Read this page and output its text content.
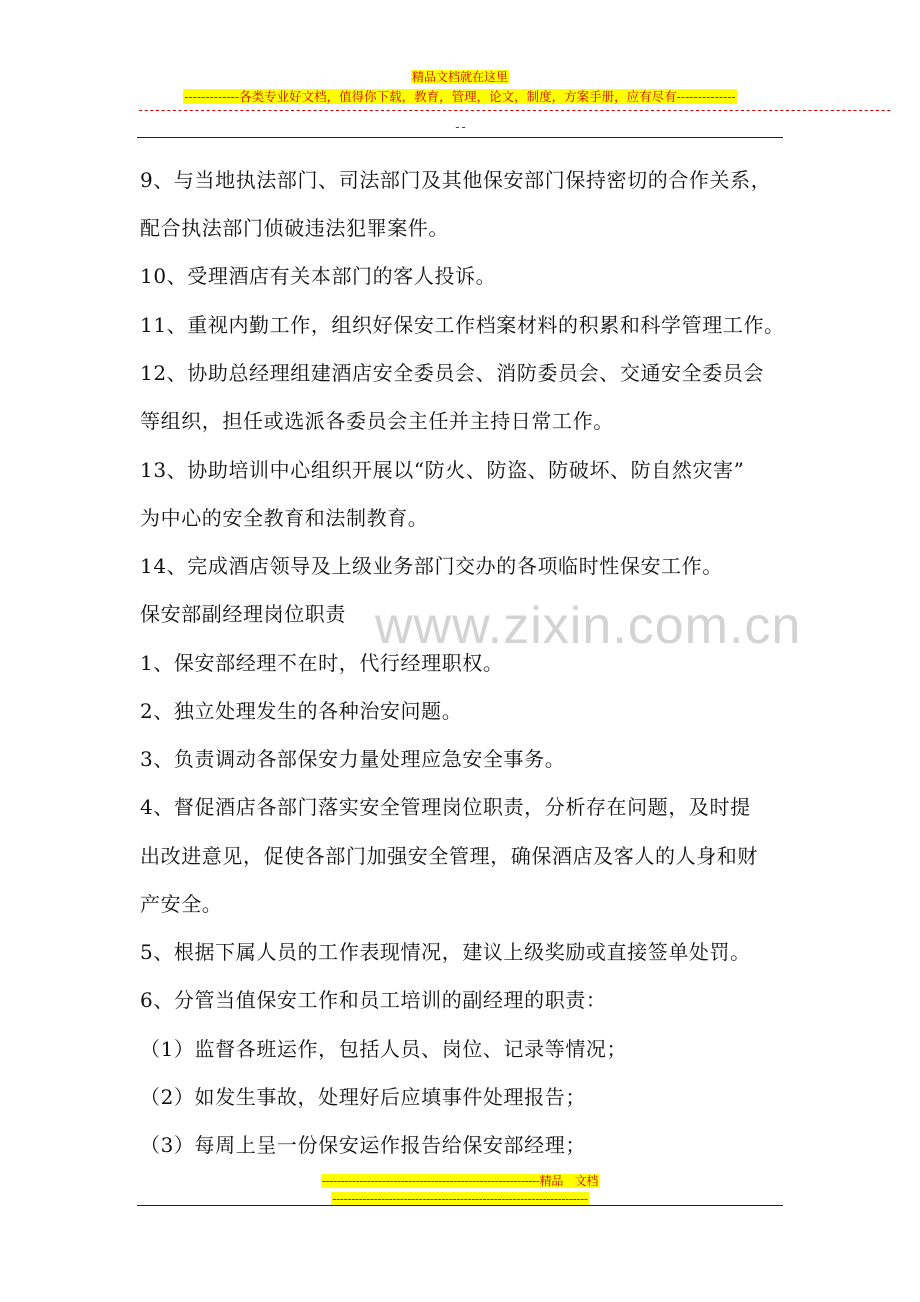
精品文档就在这里
-------------各类专业好文档，值得你下载，教育，管理，论文，制度，方案手册，应有尽有--------------
--------------------------------------------------------------------------------------------------------------------------------------
--
www.zixin.com.cn
9、与当地执法部门、司法部门及其他保安部门保持密切的合作关系，
配合执法部门侦破违法犯罪案件。
10、受理酒店有关本部门的客人投诉。
11、重视内勤工作，组织好保安工作档案材料的积累和科学管理工作。
12、协助总经理组建酒店安全委员会、消防委员会、交通安全委员会
等组织，担任或选派各委员会主任并主持日常工作。
13、协助培训中心组织开展以“防火、防盗、防破坏、防自然灾害”
为中心的安全教育和法制教育。
14、完成酒店领导及上级业务部门交办的各项临时性保安工作。
保安部副经理岗位职责
1、保安部经理不在时，代行经理职权。
2、独立处理发生的各种治安问题。
3、负责调动各部保安力量处理应急安全事务。
4、督促酒店各部门落实安全管理岗位职责，分析存在问题，及时提
出改进意见，促使各部门加强安全管理，确保酒店及客人的人身和财
产安全。
5、根据下属人员的工作表现情况，建议上级奖励或直接签单处罚。
6、分管当值保安工作和员工培训的副经理的职责：
（1）监督各班运作，包括人员、岗位、记录等情况；
（2）如发生事故，处理好后应填事件处理报告；
（3）每周上呈一份保安运作报告给保安部经理；
----------------------------------------------------------精品　文档
--------------------------------------------------------------------
